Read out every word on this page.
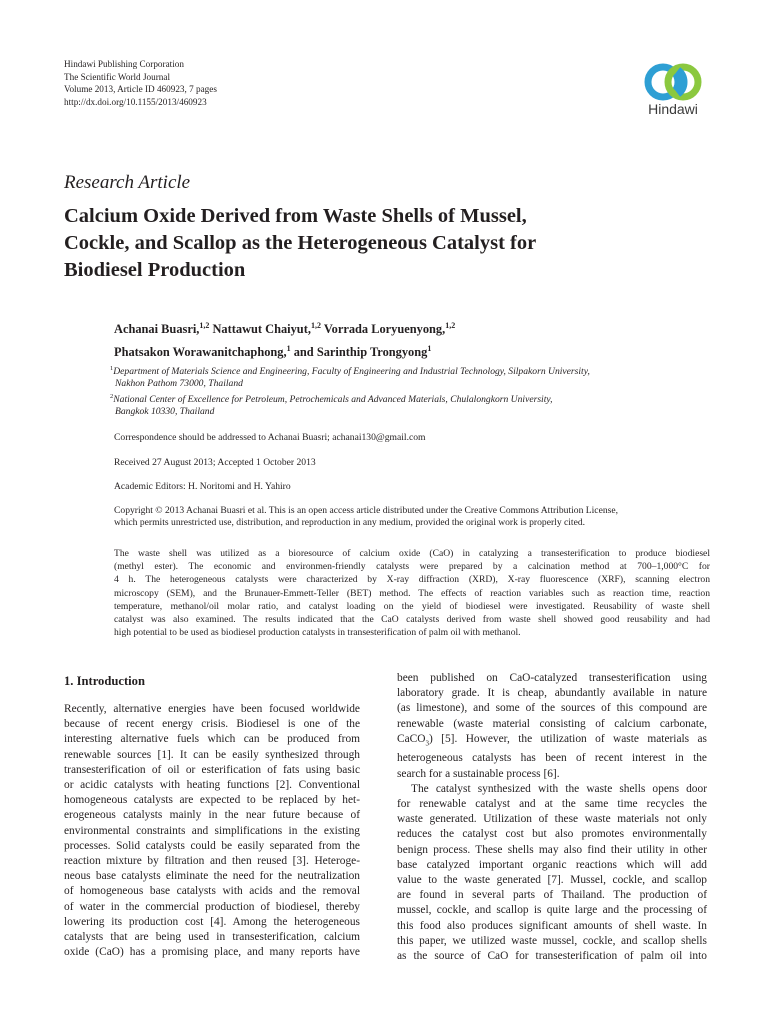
Hindawi Publishing Corporation
The Scientific World Journal
Volume 2013, Article ID 460923, 7 pages
http://dx.doi.org/10.1155/2013/460923	Hindawi
Research Article
Calcium Oxide Derived from Waste Shells of Mussel,
Cockle, and Scallop as the Heterogeneous Catalyst for
Biodiesel Production
Achanai Buasri,$^{1,2}$ Nattawut Chaiyut,$^{1,2}$ Vorrada Loryuenyong,$^{1,2}$
Phatsakon Worawanitchaphong,$^1$ and Sarinthip Trongyong$^1$
$^1$Department of Materials Science and Engineering, Faculty of Engineering and Industrial Technology, Silpakorn University,
Nakhon Pathom 73000, Thailand
$^2$National Center of Excellence for Petroleum, Petrochemicals and Advanced Materials, Chulalongkorn University,
Bangkok 10330, Thailand
Correspondence should be addressed to Achanai Buasri; achanai130@gmail.com
Received 27 August 2013; Accepted 1 October 2013
Academic Editors: H. Noritomi and H. Yahiro
Copyright © 2013 Achanai Buasri et al. This is an open access article distributed under the Creative Commons Attribution License,
which permits unrestricted use, distribution, and reproduction in any medium, provided the original work is properly cited.
The waste shell was utilized as a bioresource of calcium oxide (CaO) in catalyzing a transesterification to produce biodiesel
(methyl ester). The economic and environmen-friendly catalysts were prepared by a calcination method at 700–1,000°C for
4 h. The heterogeneous catalysts were characterized by X-ray diffraction (XRD), X-ray fluorescence (XRF), scanning electron
microscopy (SEM), and the Brunauer-Emmett-Teller (BET) method. The effects of reaction variables such as reaction time, reaction
temperature, methanol/oil molar ratio, and catalyst loading on the yield of biodiesel were investigated. Reusability of waste shell
catalyst was also examined. The results indicated that the CaO catalysts derived from waste shell showed good reusability and had
high potential to be used as biodiesel production catalysts in transesterification of palm oil with methanol.
1. Introduction
Recently, alternative energies have been focused worldwide
because of recent energy crisis. Biodiesel is one of the
interesting alternative fuels which can be produced from
renewable sources [1]. It can be easily synthesized through
transesterification of oil or esterification of fats using basic
or acidic catalysts with heating functions [2]. Conventional
homogeneous catalysts are expected to be replaced by het-
erogeneous catalysts mainly in the near future because of
environmental constraints and simplifications in the existing
processes. Solid catalysts could be easily separated from the
reaction mixture by filtration and then reused [3]. Heteroge-
neous base catalysts eliminate the need for the neutralization
of homogeneous base catalysts with acids and the removal
of water in the commercial production of biodiesel, thereby
lowering its production cost [4]. Among the heterogeneous
catalysts that are being used in transesterification, calcium
oxide (CaO) has a promising place, and many reports have
been published on CaO-catalyzed transesterification using
laboratory grade. It is cheap, abundantly available in nature
(as limestone), and some of the sources of this compound are
renewable (waste material consisting of calcium carbonate,
CaCO$_3$) [5]. However, the utilization of waste materials as
heterogeneous catalysts has been of recent interest in the
search for a sustainable process [6].
The catalyst synthesized with the waste shells opens door
for renewable catalyst and at the same time recycles the
waste generated. Utilization of these waste materials not only
reduces the catalyst cost but also promotes environmentally
benign process. These shells may also find their utility in other
base catalyzed important organic reactions which will add
value to the waste generated [7]. Mussel, cockle, and scallop
are found in several parts of Thailand. The production of
mussel, cockle, and scallop is quite large and the processing of
this food also produces significant amounts of shell waste. In
this paper, we utilized waste mussel, cockle, and scallop shells
as the source of CaO for transesterification of palm oil into
